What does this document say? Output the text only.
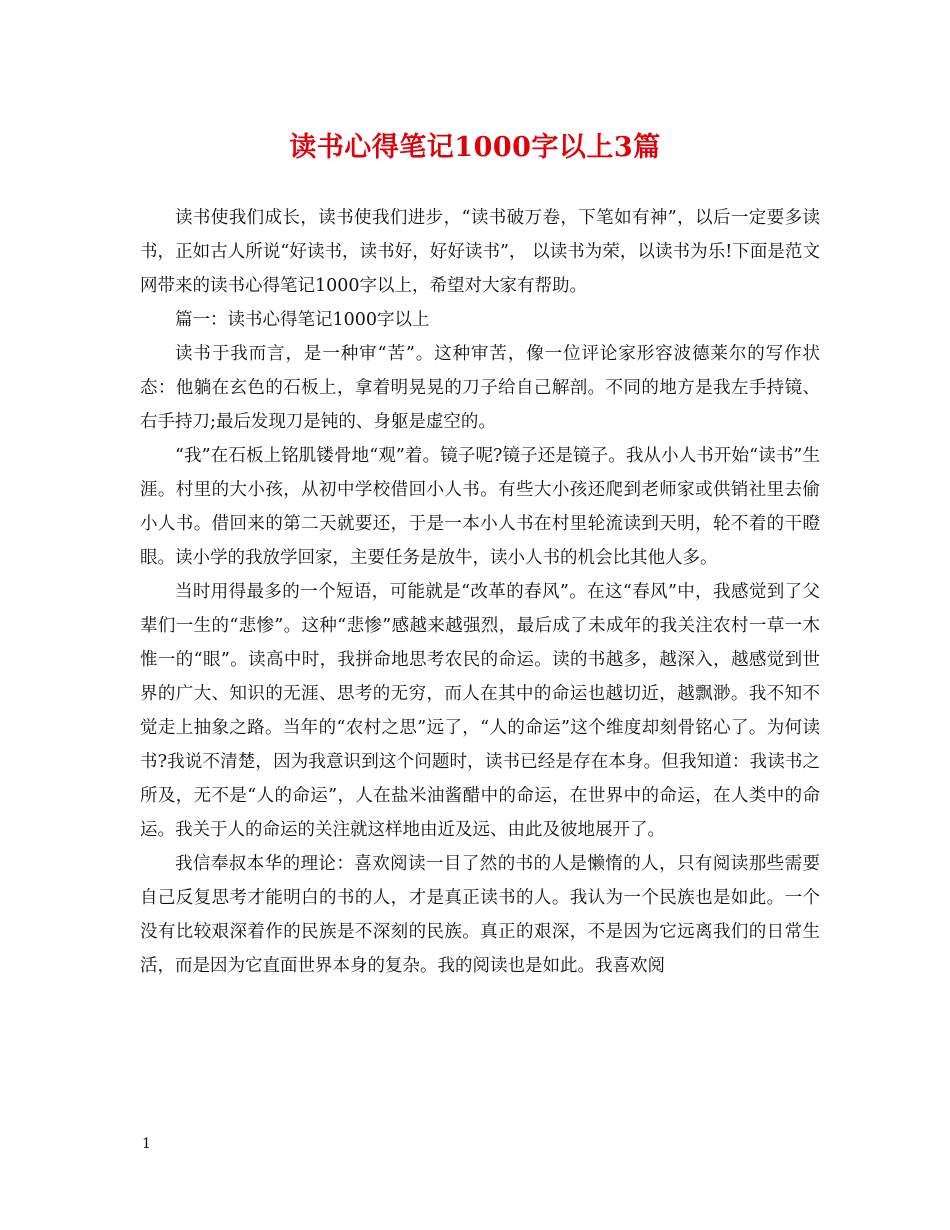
读书心得笔记1000字以上3篇

读书使我们成长，读书使我们进步，“读书破万卷，下笔如有神”，以后一定要多读书，正如古人所说“好读书，读书好，好好读书”， 以读书为荣，以读书为乐!下面是范文网带来的读书心得笔记1000字以上，希望对大家有帮助。

篇一：读书心得笔记1000字以上

读书于我而言，是一种审“苦”。这种审苦，像一位评论家形容波德莱尔的写作状态：他躺在玄色的石板上，拿着明晃晃的刀子给自己解剖。不同的地方是我左手持镜、右手持刀;最后发现刀是钝的、身躯是虚空的。

“我”在石板上铭肌镂骨地“观”着。镜子呢?镜子还是镜子。我从小人书开始“读书”生涯。村里的大小孩，从初中学校借回小人书。有些大小孩还爬到老师家或供销社里去偷小人书。借回来的第二天就要还，于是一本小人书在村里轮流读到天明，轮不着的干瞪眼。读小学的我放学回家，主要任务是放牛，读小人书的机会比其他人多。

当时用得最多的一个短语，可能就是“改革的春风”。在这“春风”中，我感觉到了父辈们一生的“悲惨”。这种“悲惨”感越来越强烈，最后成了未成年的我关注农村一草一木惟一的“眼”。读高中时，我拼命地思考农民的命运。读的书越多，越深入，越感觉到世界的广大、知识的无涯、思考的无穷，而人在其中的命运也越切近，越飘渺。我不知不觉走上抽象之路。当年的“农村之思”远了，“人的命运”这个维度却刻骨铭心了。为何读书?我说不清楚，因为我意识到这个问题时，读书已经是存在本身。但我知道：我读书之所及，无不是“人的命运”，人在盐米油酱醋中的命运，在世界中的命运，在人类中的命运。我关于人的命运的关注就这样地由近及远、由此及彼地展开了。

我信奉叔本华的理论：喜欢阅读一目了然的书的人是懒惰的人，只有阅读那些需要自己反复思考才能明白的书的人，才是真正读书的人。我认为一个民族也是如此。一个没有比较艰深着作的民族是不深刻的民族。真正的艰深，不是因为它远离我们的日常生活，而是因为它直面世界本身的复杂。我的阅读也是如此。我喜欢阅

1
